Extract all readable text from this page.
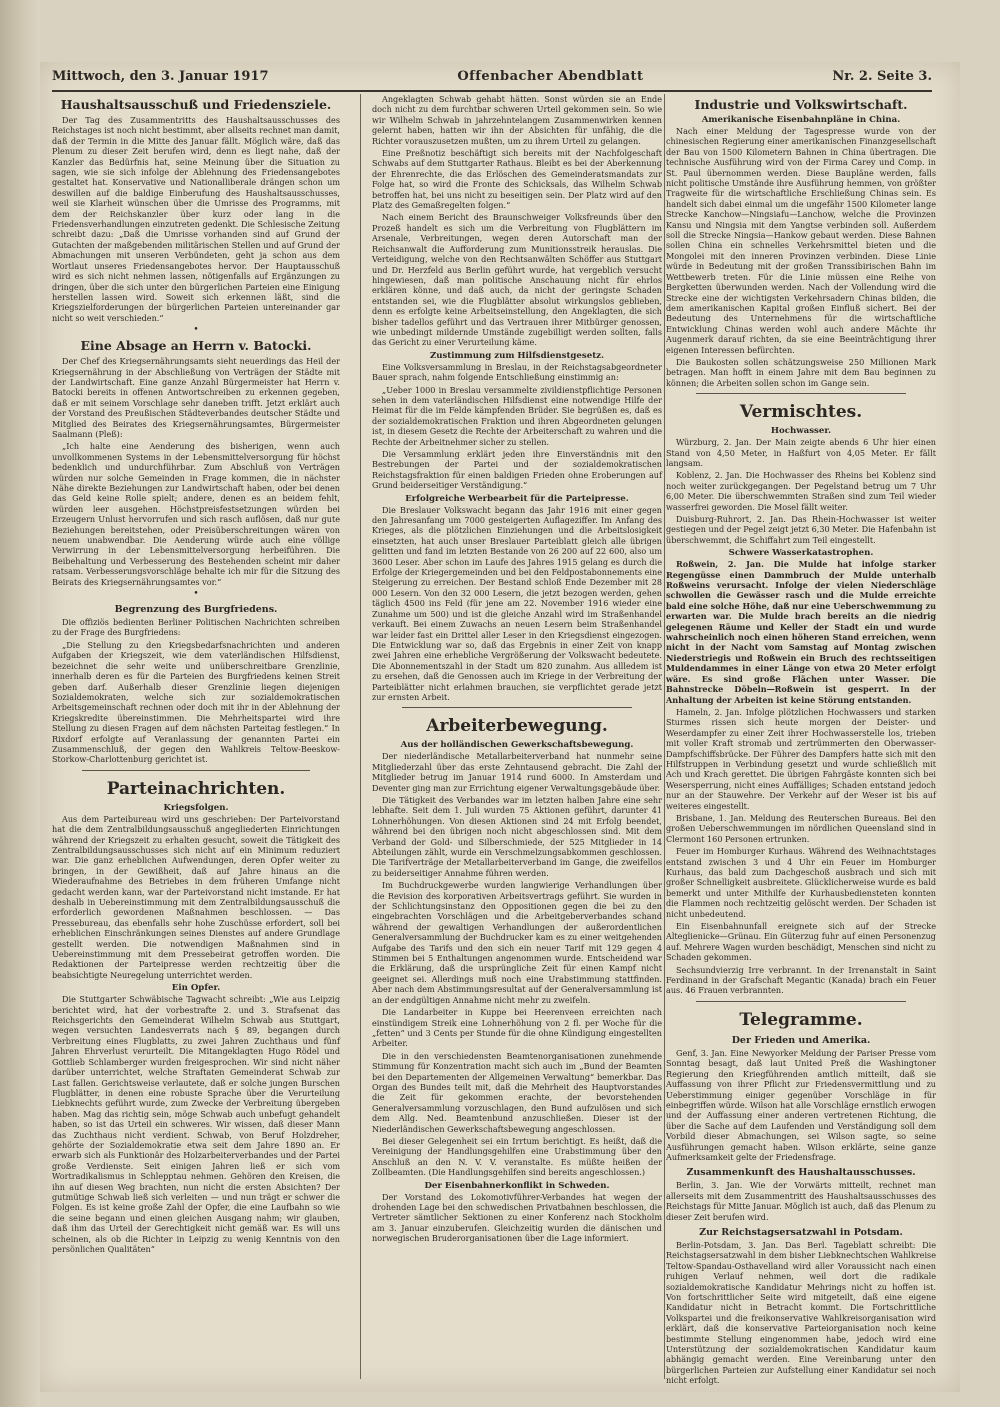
Mittwoch, den 3. Januar 1917	Offenbacher Abendblatt	Nr. 2. Seite 3.
Haushaltsausschuß und Friedensziele.

Der Tag des Zusammentritts des Haushaltsausschusses des Reichstages ist noch nicht bestimmt, aber allseits rechnet man damit, daß der Termin in die Mitte des Januar fällt. Möglich wäre, daß das Plenum zu dieser Zeit berufen wird, denn es liegt nahe, daß der Kanzler das Bedürfnis hat, seine Meinung über die Situation zu sagen, wie sie sich infolge der Ablehnung des Friedensangebotes gestaltet hat. Konservative und Nationalliberale drängen schon um deswillen auf die baldige Einberufung des Haushaltsausschusses, weil sie Klarheit wünschen über die Umrisse des Programms, mit dem der Reichskanzler über kurz oder lang in die Friedensverhandlungen einzutreten gedenkt. Die Schlesische Zeitung schreibt dazu: „Daß die Umrisse vorhanden sind auf Grund der Gutachten der maßgebenden militärischen Stellen und auf Grund der Abmachungen mit unseren Verbündeten, geht ja schon aus dem Wortlaut unseres Friedensangebotes hervor. Der Hauptausschuß wird es sich nicht nehmen lassen, nötigenfalls auf Ergänzungen zu dringen, über die sich unter den bürgerlichen Parteien eine Einigung herstellen lassen wird. Soweit sich erkennen läßt, sind die Kriegszielforderungen der bürgerlichen Parteien untereinander gar nicht so weit verschieden.“

•
Eine Absage an Herrn v. Batocki.

Der Chef des Kriegsernährungsamts sieht neuerdings das Heil der Kriegsernährung in der Abschließung von Verträgen der Städte mit der Landwirtschaft. Eine ganze Anzahl Bürgermeister hat Herrn v. Batocki bereits in offenen Antwortschreiben zu erkennen gegeben, daß er mit seinem Vorschlage sehr daneben trifft. Jetzt erklärt auch der Vorstand des Preußischen Städteverbandes deutscher Städte und Mitglied des Beirates des Kriegsernährungsamtes, Bürgermeister Saalmann (Pleß):

„Ich halte eine Aenderung des bisherigen, wenn auch unvollkommenen Systems in der Lebensmittelversorgung für höchst bedenklich und undurchführbar. Zum Abschluß von Verträgen würden nur solche Gemeinden in Frage kommen, die in nächster Nähe direkte Beziehungen zur Landwirtschaft haben, oder bei denen das Geld keine Rolle spielt; andere, denen es an beidem fehlt, würden leer ausgehen. Höchstpreisfestsetzungen würden bei Erzeugern Unlust hervorrufen und sich rasch auflösen, daß nur gute Beziehungen bereitstehen, oder Preisüberschreitungen wären von neuem unabwendbar. Die Aenderung würde auch eine völlige Verwirrung in der Lebensmittelversorgung herbeiführen. Die Beibehaltung und Verbesserung des Bestehenden scheint mir daher ratsam. Verbesserungsvorschläge behalte ich mir für die Sitzung des Beirats des Kriegsernährungsamtes vor.“

•
Begrenzung des Burgfriedens.

Die offiziös bedienten Berliner Politischen Nachrichten schreiben zu der Frage des Burgfriedens:

„Die Stellung zu den Kriegsbedarfsnachrichten und anderen Aufgaben der Kriegszeit, wie dem vaterländischen Hilfsdienst, bezeichnet die sehr weite und unüberschreitbare Grenzlinie, innerhalb deren es für die Parteien des Burgfriedens keinen Streit geben darf. Außerhalb dieser Grenzlinie liegen diejenigen Sozialdemokraten, welche sich zur sozialdemokratischen Arbeitsgemeinschaft rechnen oder doch mit ihr in der Ablehnung der Kriegskredite übereinstimmen. Die Mehrheitspartei wird ihre Stellung zu diesen Fragen auf dem nächsten Parteitag festlegen.“ In Rixdorf erfolgte auf Veranlassung der genannten Partei ein Zusammenschluß, der gegen den Wahlkreis Teltow-Beeskow-Storkow-Charlottenburg gerichtet ist.

Parteinachrichten.
Kriegsfolgen.

Aus dem Parteibureau wird uns geschrieben: Der Parteivorstand hat die dem Zentralbildungsausschuß angegliederten Einrichtungen während der Kriegszeit zu erhalten gesucht, soweit die Tätigkeit des Zentralbildungsausschusses sich nicht auf ein Minimum reduziert war. Die ganz erheblichen Aufwendungen, deren Opfer weiter zu bringen, in der Gewißheit, daß auf Jahre hinaus an die Wiederaufnahme des Betriebes in dem früheren Umfange nicht gedacht werden kann, war der Parteivorstand nicht imstande. Er hat deshalb in Uebereinstimmung mit dem Zentralbildungsausschuß die erforderlich gewordenen Maßnahmen beschlossen. — Das Pressebureau, das ebenfalls sehr hohe Zuschüsse erfordert, soll bei erheblichen Einschränkungen seines Dienstes auf andere Grundlage gestellt werden. Die notwendigen Maßnahmen sind in Uebereinstimmung mit dem Pressebeirat getroffen worden. Die Redaktionen der Parteipresse werden rechtzeitig über die beabsichtigte Neuregelung unterrichtet werden.

Ein Opfer.

Die Stuttgarter Schwäbische Tagwacht schreibt: „Wie aus Leipzig berichtet wird, hat der vorbestrafte 2. und 3. Strafsenat das Reichsgerichts den Gemeinderat Wilhelm Schwab aus Stuttgart, wegen versuchten Landesverrats nach § 89, begangen durch Verbreitung eines Flugblatts, zu zwei Jahren Zuchthaus und fünf Jahren Ehrverlust verurteilt. Die Mitangeklagten Hugo Rödel und Gottlieb Schlamberger wurden freigesprochen. Wir sind nicht näher darüber unterrichtet, welche Straftaten Gemeinderat Schwab zur Last fallen. Gerichtsweise verlautete, daß er solche jungen Burschen Flugblätter, in denen eine robuste Sprache über die Verurteilung Liebknechts geführt wurde, zum Zwecke der Verbreitung übergeben haben. Mag das richtig sein, möge Schwab auch unbefugt gehandelt haben, so ist das Urteil ein schweres. Wir wissen, daß dieser Mann das Zuchthaus nicht verdient. Schwab, von Beruf Holzdreher, gehörte der Sozialdemokratie etwa seit dem Jahre 1890 an. Er erwarb sich als Funktionär des Holzarbeiterverbandes und der Partei große Verdienste. Seit einigen Jahren ließ er sich vom Wortradikalismus in Schlepptau nehmen. Gehören den Kreisen, die ihn auf diesen Weg brachten, nun nicht die ersten Absichten? Der gutmütige Schwab ließ sich verleiten — und nun trägt er schwer die Folgen. Es ist keine große Zahl der Opfer, die eine Laufbahn so wie die seine begann und einen gleichen Ausgang nahm; wir glauben, daß ihm das Urteil der Gerechtigkeit nicht gemäß war. Es will uns scheinen, als ob die Richter in Leipzig zu wenig Kenntnis von den persönlichen Qualitäten“

Angeklagten Schwab gehabt hätten. Sonst würden sie an Ende doch nicht zu dem furchtbar schweren Urteil gekommen sein. So wie wir Wilhelm Schwab in jahrzehntelangem Zusammenwirken kennen gelernt haben, hatten wir ihn der Absichten für unfähig, die die Richter vorauszusetzen mußten, um zu ihrem Urteil zu gelangen.

Eine Preßnotiz beschäftigt sich bereits mit der Nachfolgeschaft Schwabs auf dem Stuttgarter Rathaus. Bleibt es bei der Aberkennung der Ehrenrechte, die das Erlöschen des Gemeinderatsmandats zur Folge hat, so wird die Fronte des Schicksals, das Wilhelm Schwab betroffen hat, bei uns nicht zu beseitigen sein. Der Platz wird auf den Platz des Gemaßregelten folgen.“

Nach einem Bericht des Braunschweiger Volksfreunds über den Prozeß handelt es sich um die Verbreitung von Flugblättern im Arsenale, Verbreitungen, wegen deren Autorschaft man der Reichsanwalt die Aufforderung zum Munitionsstreik herauslas. Die Verteidigung, welche von den Rechtsanwälten Schöffer aus Stuttgart und Dr. Herzfeld aus Berlin geführt wurde, hat vergeblich versucht hingewiesen, daß man politische Anschauung nicht für ehrlos erklären könne, und daß auch, da nicht der geringste Schaden entstanden sei, wie die Flugblätter absolut wirkungslos geblieben, denn es erfolgte keine Arbeitseinstellung, den Angeklagten, die sich bisher tadellos geführt und das Vertrauen ihrer Mitbürger genossen, wie unbedingt mildernde Umstände zugebilligt werden sollten, falls das Gericht zu einer Verurteilung käme.

Zustimmung zum Hilfsdienstgesetz.

Eine Volksversammlung in Breslau, in der Reichstagsabgeordneter Bauer sprach, nahm folgende Entschließung einstimmig an:

„Ueber 1000 in Breslau versammelte zivildienstpflichtige Personen sehen in dem vaterländischen Hilfsdienst eine notwendige Hilfe der Heimat für die im Felde kämpfenden Brüder. Sie begrüßen es, daß es der sozialdemokratischen Fraktion und ihren Abgeordneten gelungen ist, in diesem Gesetz die Rechte der Arbeiterschaft zu wahren und die Rechte der Arbeitnehmer sicher zu stellen.

Die Versammlung erklärt jeden ihre Einverständnis mit den Bestrebungen der Partei und der sozialdemokratischen Reichstagsfraktion für einen baldigen Frieden ohne Eroberungen auf Grund beiderseitiger Verständigung.“

Erfolgreiche Werbearbeit für die Parteipresse.

Die Breslauer Volkswacht begann das Jahr 1916 mit einer gegen den Jahresanfang um 7000 gesteigerten Auflageziffer. Im Anfang des Krieges, als die plötzlichen Einziehungen und die Arbeitslosigkeit einsetzten, hat auch unser Breslauer Parteiblatt gleich alle übrigen gelitten und fand im letzten Bestande von 26 200 auf 22 600, also um 3600 Leser. Aber schon im Laufe des Jahres 1915 gelang es durch die Erfolge der Kriegergemeinden und bei den Feldpostabonnements eine Steigerung zu erreichen. Der Bestand schloß Ende Dezember mit 28 000 Lesern. Von den 32 000 Lesern, die jetzt bezogen werden, gehen täglich 4500 ins Feld (für jene am 22. November 1916 wieder eine Zunahme um 500) und ist die gleiche Anzahl wird im Straßenhandel verkauft. Bei einem Zuwachs an neuen Lesern beim Straßenhandel war leider fast ein Drittel aller Leser in den Kriegsdienst eingezogen. Die Entwicklung war so, daß das Ergebnis in einer Zeit von knapp zwei Jahren eine erhebliche Vergrößerung der Volkswacht bedeutete. Die Abonnementszahl in der Stadt um 820 zunahm. Aus allledem ist zu ersehen, daß die Genossen auch im Kriege in der Verbreitung der Parteiblätter nicht erlahmen brauchen, sie verpflichtet gerade jetzt zur ernsten Arbeit.

Arbeiterbewegung.
Aus der holländischen Gewerkschaftsbewegung.

Der niederländische Metallarbeiterverband hat nunmehr seine Mitgliederzahl über das erste Zehntausend gebracht. Die Zahl der Mitglieder betrug im Januar 1914 rund 6000. In Amsterdam und Deventer ging man zur Errichtung eigener Verwaltungsgebäude über.

Die Tätigkeit des Verbandes war im letzten halben Jahre eine sehr lebhafte. Seit dem 1. Juli wurden 75 Aktionen geführt, darunter 41 Lohnerhöhungen. Von diesen Aktionen sind 24 mit Erfolg beendet, während bei den übrigen noch nicht abgeschlossen sind. Mit dem Verband der Gold- und Silberschmiede, der 525 Mitglieder in 14 Abteilungen zählt, wurde ein Verschmelzungsabkommen geschlossen. Die Tarifverträge der Metallarbeiterverband im Gange, die zweifellos zu beiderseitiger Annahme führen werden.

Im Buchdruckgewerbe wurden langwierige Verhandlungen über die Revision des korporativen Arbeitsvertrags geführt. Sie wurden in der Schlichtungsinstanz den Oppositionen gegen die bei zu den eingebrachten Vorschlägen und die Arbeitgeberverbandes schand während der gewaltigen Verhandlungen der außerordentlichen Generalversammlung der Buchdrucker kam es zu einer weitgehenden Aufgabe des Tarifs und den sich ein neuer Tarif mit 129 gegen 4 Stimmen bei 5 Enthaltungen angenommen wurde. Entscheidend war die Erklärung, daß die ursprüngliche Zeit für einen Kampf nicht geeignet sei. Allerdings muß noch eine Urabstimmung stattfinden. Aber nach dem Abstimmungsresultat auf der Generalversammlung ist an der endgültigen Annahme nicht mehr zu zweifeln.

Die Landarbeiter in Kuppe bei Heerenveen erreichten nach einstündigem Streik eine Lohnerhöhung von 2 fl. per Woche für die „fetten“ und 3 Cents per Stunde für die ohne Kündigung eingestellten Arbeiter.

Die in den verschiedensten Beamtenorganisationen zunehmende Stimmung für Konzentration macht sich auch im „Bund der Beamten bei den Departementen der Allgemeinen Verwaltung“ bemerkbar. Das Organ des Bundes teilt mit, daß die Mehrheit des Hauptvorstandes die Zeit für gekommen erachte, der bevorstehenden Generalversammlung vorzuschlagen, den Bund aufzulösen und sich dem Allg. Ned. Beamtenbund anzuschließen. Dieser ist der Niederländischen Gewerkschaftsbewegung angeschlossen.

Bei dieser Gelegenheit sei ein Irrtum berichtigt. Es heißt, daß die Vereinigung der Handlungsgehilfen eine Urabstimmung über den Anschluß an den N. V. V. veranstalte. Es müßte heißen der Zollbeamten. (Die Handlungsgehilfen sind bereits angeschlossen.)

Der Eisenbahnerkonflikt in Schweden.

Der Vorstand des Lokomotivführer-Verbandes hat wegen der drohenden Lage bei den schwedischen Privatbahnen beschlossen, die Vertreter sämtlicher Sektionen zu einer Konferenz nach Stockholm am 3. Januar einzuberufen. Gleichzeitig wurden die dänischen und norwegischen Bruderorganisationen über die Lage informiert.

Industrie und Volkswirtschaft.
Amerikanische Eisenbahnpläne in China.

Nach einer Meldung der Tagespresse wurde von der chinesischen Regierung einer amerikanischen Finanzgesellschaft der Bau von 1500 Kilometern Bahnen in China übertragen. Die technische Ausführung wird von der Firma Carey und Comp. in St. Paul übernommen werden. Diese Baupläne werden, falls nicht politische Umstände ihre Ausführung hemmen, von größter Tragweite für die wirtschaftliche Erschließung Chinas sein. Es handelt sich dabei einmal um die ungefähr 1500 Kilometer lange Strecke Kanchow—Ningsiafu—Lanchow, welche die Provinzen Kansu und Ningsia mit dem Yangtse verbinden soll. Außerdem soll die Strecke Ningsia—Hankow gebaut werden. Diese Bahnen sollen China ein schnelles Verkehrsmittel bieten und die Mongolei mit den inneren Provinzen verbinden. Diese Linie würde in Bedeutung mit der großen Transsibirischen Bahn im Wettbewerb treten. Für die Linie müssen eine Reihe von Bergketten überwunden werden. Nach der Vollendung wird die Strecke eine der wichtigsten Verkehrsadern Chinas bilden, die dem amerikanischen Kapital großen Einfluß sichert. Bei der Bedeutung des Unternehmens für die wirtschaftliche Entwicklung Chinas werden wohl auch andere Mächte ihr Augenmerk darauf richten, da sie eine Beeinträchtigung ihrer eigenen Interessen befürchten.

Die Baukosten sollen schätzungsweise 250 Millionen Mark betragen. Man hofft in einem Jahre mit dem Bau beginnen zu können; die Arbeiten sollen schon im Gange sein.

Vermischtes.
Hochwasser.

Würzburg, 2. Jan. Der Main zeigte abends 6 Uhr hier einen Stand von 4,50 Meter, in Haßfurt von 4,05 Meter. Er fällt langsam.

Koblenz, 2. Jan. Die Hochwasser des Rheins bei Koblenz sind noch weiter zurückgegangen. Der Pegelstand betrug um 7 Uhr 6,00 Meter. Die überschwemmten Straßen sind zum Teil wieder wasserfrei geworden. Die Mosel fällt weiter.

Duisburg-Ruhrort, 2. Jan. Das Rhein-Hochwasser ist weiter gestiegen und der Pegel zeigt jetzt 6,30 Meter. Die Hafenbahn ist überschwemmt, die Schiffahrt zum Teil eingestellt.

Schwere Wasserkatastrophen.

Roßwein, 2. Jan. Die Mulde hat infolge starker Regengüsse einen Dammbruch der Mulde unterhalb Roßweins verursacht. Infolge der vielen Niederschläge schwollen die Gewässer rasch und die Mulde erreichte bald eine solche Höhe, daß nur eine Ueberschwemmung zu erwarten war. Die Mulde brach bereits an die niedrig gelegenen Räume und Keller der Stadt ein und wurde wahrscheinlich noch einen höheren Stand erreichen, wenn nicht in der Nacht vom Samstag auf Montag zwischen Niederstriegis und Roßwein ein Bruch des rechtsseitigen Muldendammes in einer Länge von etwa 20 Meter erfolgt wäre. Es sind große Flächen unter Wasser. Die Bahnstrecke Döbeln—Roßwein ist gesperrt. In der Anhaltung der Arbeiten ist keine Störung entstanden.

Hameln, 2. Jan. Infolge plötzlichen Hochwassers und starken Sturmes rissen sich heute morgen der Deister- und Weserdampfer zu einer Zeit ihrer Hochwasserstelle los, trieben mit voller Kraft stromab und zertrümmerten den Oberwasser-Dampfschiffsbrücke. Der Führer des Dampfers hatte sich mit den Hilfstruppen in Verbindung gesetzt und wurde schließlich mit Ach und Krach gerettet. Die übrigen Fahrgäste konnten sich bei Wesersperrung, nicht eines Auffälliges; Schaden entstand jedoch nur an der Stauwehre. Der Verkehr auf der Weser ist bis auf weiteres eingestellt.

Brisbane, 1. Jan. Meldung des Reuterschen Bureaus. Bei den großen Ueberschwemmungen im nördlichen Queensland sind in Clermont 160 Personen ertrunken.

Feuer im Homburger Kurhaus. Während des Weihnachtstages entstand zwischen 3 und 4 Uhr ein Feuer im Homburger Kurhaus, das bald zum Dachgeschoß ausbrach und sich mit großer Schnelligkeit ausbreitete. Glücklicherweise wurde es bald bemerkt und unter Mithilfe der Kurhausbediensteten konnten die Flammen noch rechtzeitig gelöscht werden. Der Schaden ist nicht unbedeutend.

Ein Eisenbahnunfall ereignete sich auf der Strecke Alteglienicke—Grünau. Ein Güterzug fuhr auf einen Personenzug auf. Mehrere Wagen wurden beschädigt, Menschen sind nicht zu Schaden gekommen.

Sechsundvierzig Irre verbrannt. In der Irrenanstalt in Saint Ferdinand in der Grafschaft Megantic (Kanada) brach ein Feuer aus. 46 Frauen verbrannten.

Telegramme.
Der Frieden und Amerika.

Genf, 3. Jan. Eine Newyorker Meldung der Pariser Presse vom Sonntag besagt, daß laut United Preß die Washingtoner Regierung den Kriegführenden amtlich mitteilt, daß sie Auffassung von ihrer Pflicht zur Friedensvermittlung und zu Ueberstimmung einiger gegenüber Vorschläge in für einbegriffen würde. Wilson hat alle Vorschläge ernstlich erwogen und der Auffassung einer anderen vertretenen Richtung, die über die Sache auf dem Laufenden und Verständigung soll dem Vorbild dieser Abmachungen, sei Wilson sagte, so seine Ausführungen gemacht haben. Wilson erklärte, seine ganze Aufmerksamkeit gelte der Friedensfrage.

Zusammenkunft des Haushaltausschusses.

Berlin, 3. Jan. Wie der Vorwärts mitteilt, rechnet man allerseits mit dem Zusammentritt des Haushaltsausschusses des Reichstags für Mitte Januar. Möglich ist auch, daß das Plenum zu dieser Zeit berufen wird.

Zur Reichstagsersatzwahl in Potsdam.

Berlin-Potsdam, 3. Jan. Das Berl. Tageblatt schreibt: Die Reichstagsersatzwahl in dem bisher Liebknechtschen Wahlkreise Teltow-Spandau-Osthavelland wird aller Voraussicht nach einen ruhigen Verlauf nehmen, weil dort die radikale sozialdemokratische Kandidatur Mehrings nicht zu hoffen ist. Von fortschrittlicher Seite wird mitgeteilt, daß eine eigene Kandidatur nicht in Betracht kommt. Die Fortschrittliche Volkspartei und die freikonservative Wahlkreisorganisation wird erklärt, daß die konservative Parteiorganisation noch keine bestimmte Stellung eingenommen habe, jedoch wird eine Unterstützung der sozialdemokratischen Kandidatur kaum abhängig gemacht werden. Eine Vereinbarung unter den bürgerlichen Parteien zur Aufstellung einer Kandidatur sei noch nicht erfolgt.
